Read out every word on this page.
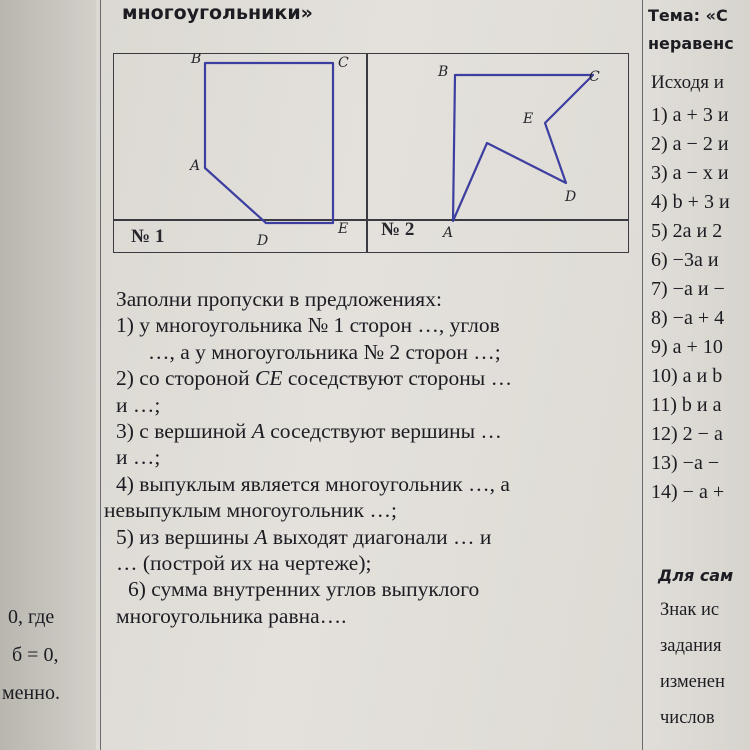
0, где
б = 0,
менно.
многоугольники»
B	C
A
D
E
№ 1
B	C
E
D
A
№ 2
Заполни пропуски в предложениях:
1) у многоугольника № 1 сторон …, углов
…, а у многоугольника № 2 сторон …;
2) со стороной CE соседствуют стороны …
и …;
3) с вершиной A соседствуют вершины …
и …;
4) выпуклым является многоугольник …, а
невыпуклым многоугольник …;
5) из вершины A выходят диагонали … и
… (построй их на чертеже);
6) сумма внутренних углов выпуклого
многоугольника равна….
Тема: «С
неравенс
Исходя и
1) a + 3 и
2) a − 2 и
3) a − x и
4) b + 3 и
5) 2a и 2
6) −3a и
7) −a и −
8) −a + 4
9) a + 10
10) a и b
11) b и a
12) 2 − a
13) −a −
14) − a +
Для сам
Знак ис
задания
изменен
числов
